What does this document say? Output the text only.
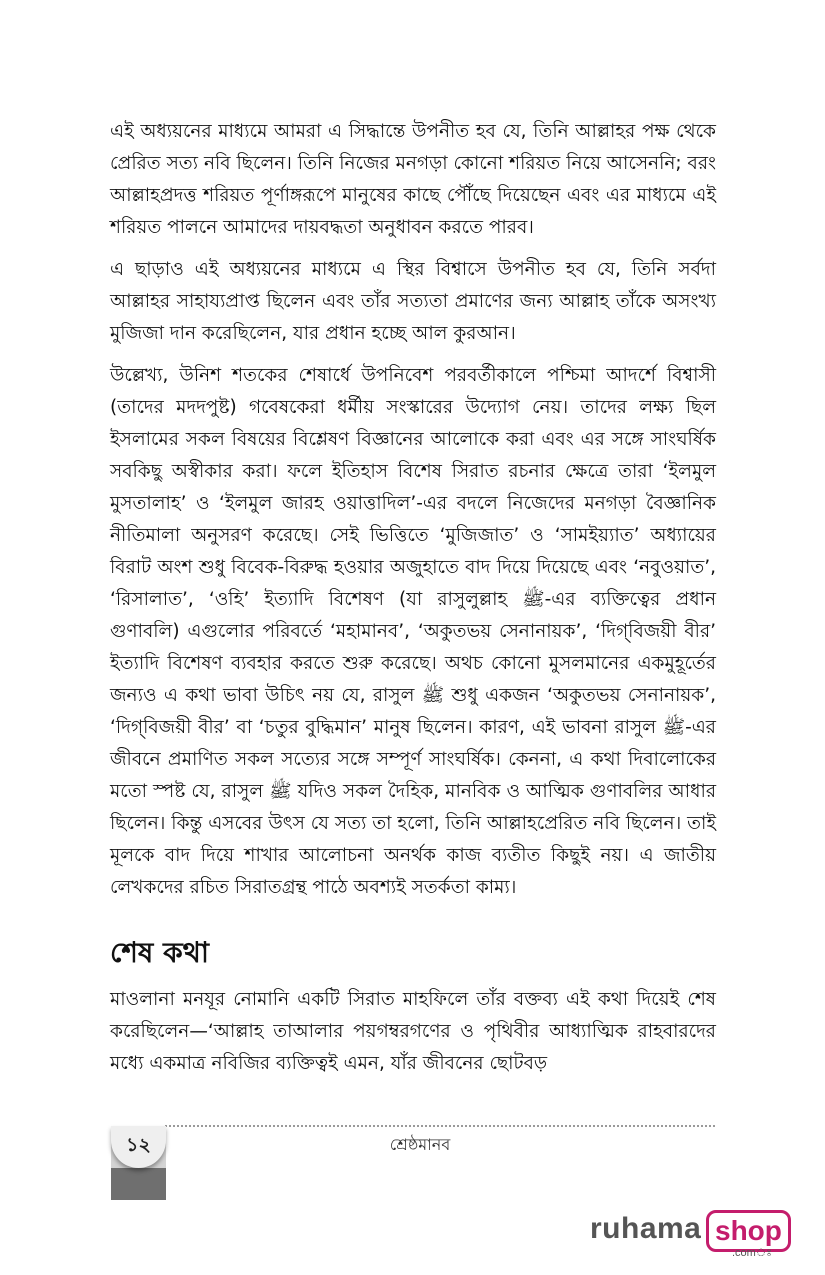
এই অধ্যয়নের মাধ্যমে আমরা এ সিদ্ধান্তে উপনীত হব যে, তিনি আল্লাহর পক্ষ থেকে প্রেরিত সত্য নবি ছিলেন। তিনি নিজের মনগড়া কোনো শরিয়ত নিয়ে আসেননি; বরং আল্লাহপ্রদত্ত শরিয়ত পূর্ণাঙ্গরূপে মানুষের কাছে পৌঁছে দিয়েছেন এবং এর মাধ্যমে এই শরিয়ত পালনে আমাদের দায়বদ্ধতা অনুধাবন করতে পারব।

এ ছাড়াও এই অধ্যয়নের মাধ্যমে এ স্থির বিশ্বাসে উপনীত হব যে, তিনি সর্বদা আল্লাহর সাহায্যপ্রাপ্ত ছিলেন এবং তাঁর সত্যতা প্রমাণের জন্য আল্লাহ তাঁকে অসংখ্য মুজিজা দান করেছিলেন, যার প্রধান হচ্ছে আল কুরআন।

উল্লেখ্য, উনিশ শতকের শেষার্ধে উপনিবেশ পরবর্তীকালে পশ্চিমা আদর্শে বিশ্বাসী (তাদের মদদপুষ্ট) গবেষকেরা ধর্মীয় সংস্কারের উদ্যোগ নেয়। তাদের লক্ষ্য ছিল ইসলামের সকল বিষয়ের বিশ্লেষণ বিজ্ঞানের আলোকে করা এবং এর সঙ্গে সাংঘর্ষিক সবকিছু অস্বীকার করা। ফলে ইতিহাস বিশেষ সিরাত রচনার ক্ষেত্রে তারা ‘ইলমুল মুসতালাহ’ ও ‘ইলমুল জারহ ওয়াত্তাদিল’-এর বদলে নিজেদের মনগড়া বৈজ্ঞানিক নীতিমালা অনুসরণ করেছে। সেই ভিত্তিতে ‘মুজিজাত’ ও ‘সামইয়্যাত’ অধ্যায়ের বিরাট অংশ শুধু বিবেক-বিরুদ্ধ হওয়ার অজুহাতে বাদ দিয়ে দিয়েছে এবং ‘নবুওয়াত’, ‘রিসালাত’, ‘ওহি’ ইত্যাদি বিশেষণ (যা রাসুলুল্লাহ ﷺ-এর ব্যক্তিত্বের প্রধান গুণাবলি) এগুলোর পরিবর্তে ‘মহামানব’, ‘অকুতভয় সেনানায়ক’, ‘দিগ্‌বিজয়ী বীর’ ইত্যাদি বিশেষণ ব্যবহার করতে শুরু করেছে। অথচ কোনো মুসলমানের একমুহূর্তের জন্যও এ কথা ভাবা উচিৎ নয় যে, রাসুল ﷺ শুধু একজন ‘অকুতভয় সেনানায়ক’, ‘দিগ্‌বিজয়ী বীর’ বা ‘চতুর বুদ্ধিমান’ মানুষ ছিলেন। কারণ, এই ভাবনা রাসুল ﷺ-এর জীবনে প্রমাণিত সকল সত্যের সঙ্গে সম্পূর্ণ সাংঘর্ষিক। কেননা, এ কথা দিবালোকের মতো স্পষ্ট যে, রাসুল ﷺ যদিও সকল দৈহিক, মানবিক ও আত্মিক গুণাবলির আধার ছিলেন। কিন্তু এসবের উৎস যে সত্য তা হলো, তিনি আল্লাহপ্রেরিত নবি ছিলেন। তাই মূলকে বাদ দিয়ে শাখার আলোচনা অনর্থক কাজ ব্যতীত কিছুই নয়। এ জাতীয় লেখকদের রচিত সিরাতগ্রন্থ পাঠে অবশ্যই সতর্কতা কাম্য।

শেষ কথা

মাওলানা মনযূর নোমানি একটি সিরাত মাহফিলে তাঁর বক্তব্য এই কথা দিয়েই শেষ করেছিলেন—‘আল্লাহ তাআলার পয়গম্বরগণের ও পৃথিবীর আধ্যাত্মিক রাহবারদের মধ্যে একমাত্র নবিজির ব্যক্তিত্বই এমন, যাঁর জীবনের ছোটবড়

১২	শ্রেষ্ঠমানব
ruhama shop
.comঃ
